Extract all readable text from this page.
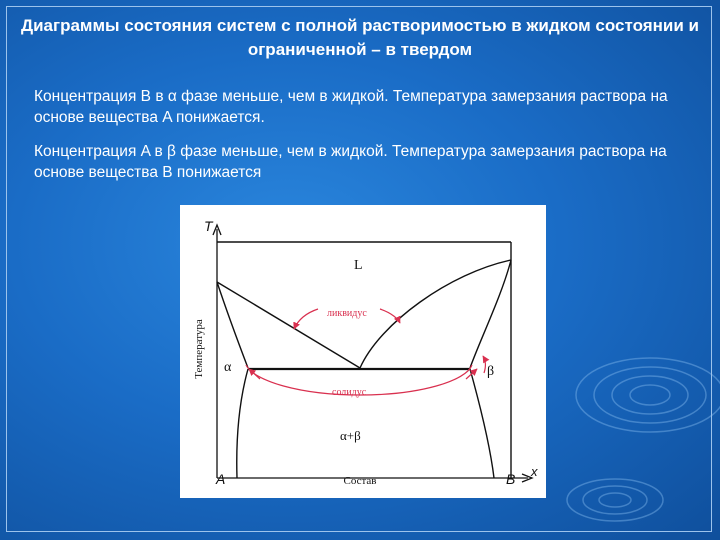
Диаграммы состояния систем с полной растворимостью в жидком состоянии и ограниченной – в твердом
Концентрация B в α фазе меньше, чем в жидкой. Температура замерзания раствора на основе вещества A понижается.
Концентрация A в β фазе меньше, чем в жидкой. Температура замерзания раствора на основе вещества B понижается
T
x
Температура
Состав
A	B
L
α	β
α+β
ликвидус
солидус
